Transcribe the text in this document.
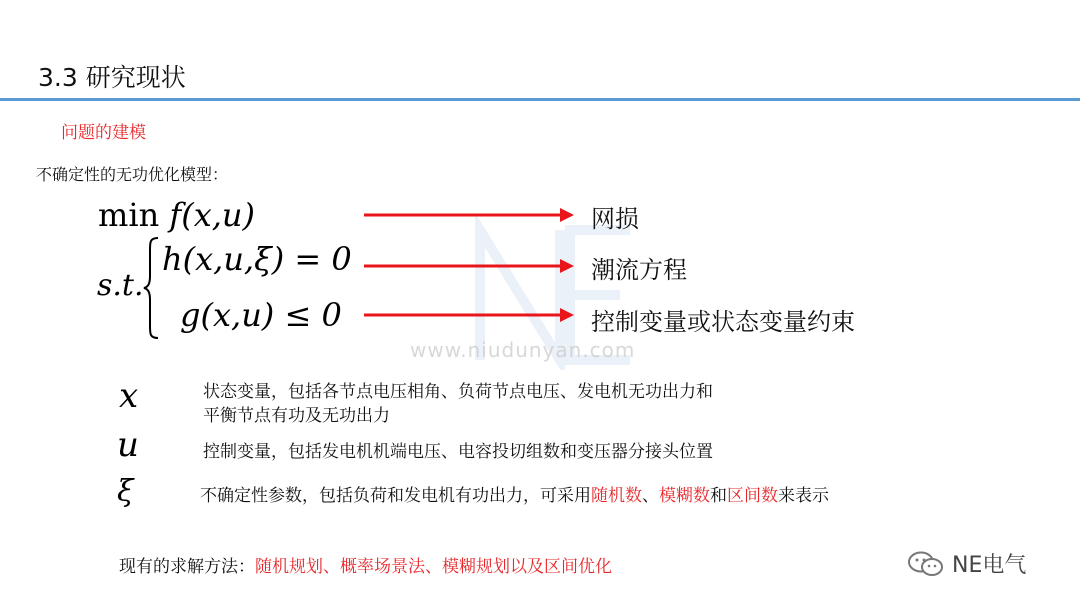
3.3 研究现状
问题的建模
不确定性的无功优化模型：
www.niudunyan.com
min f(x,u)
s.t.
h(x,u,ξ) = 0
g(x,u) ≤ 0
网损
潮流方程
控制变量或状态变量约束
x	状态变量，包括各节点电压相角、负荷节点电压、发电机无功出力和
平衡节点有功及无功出力
u	控制变量，包括发电机机端电压、电容投切组数和变压器分接头位置
ξ	不确定性参数，包括负荷和发电机有功出力，可采用随机数、模糊数和区间数来表示
现有的求解方法：随机规划、概率场景法、模糊规划以及区间优化	NE电气
